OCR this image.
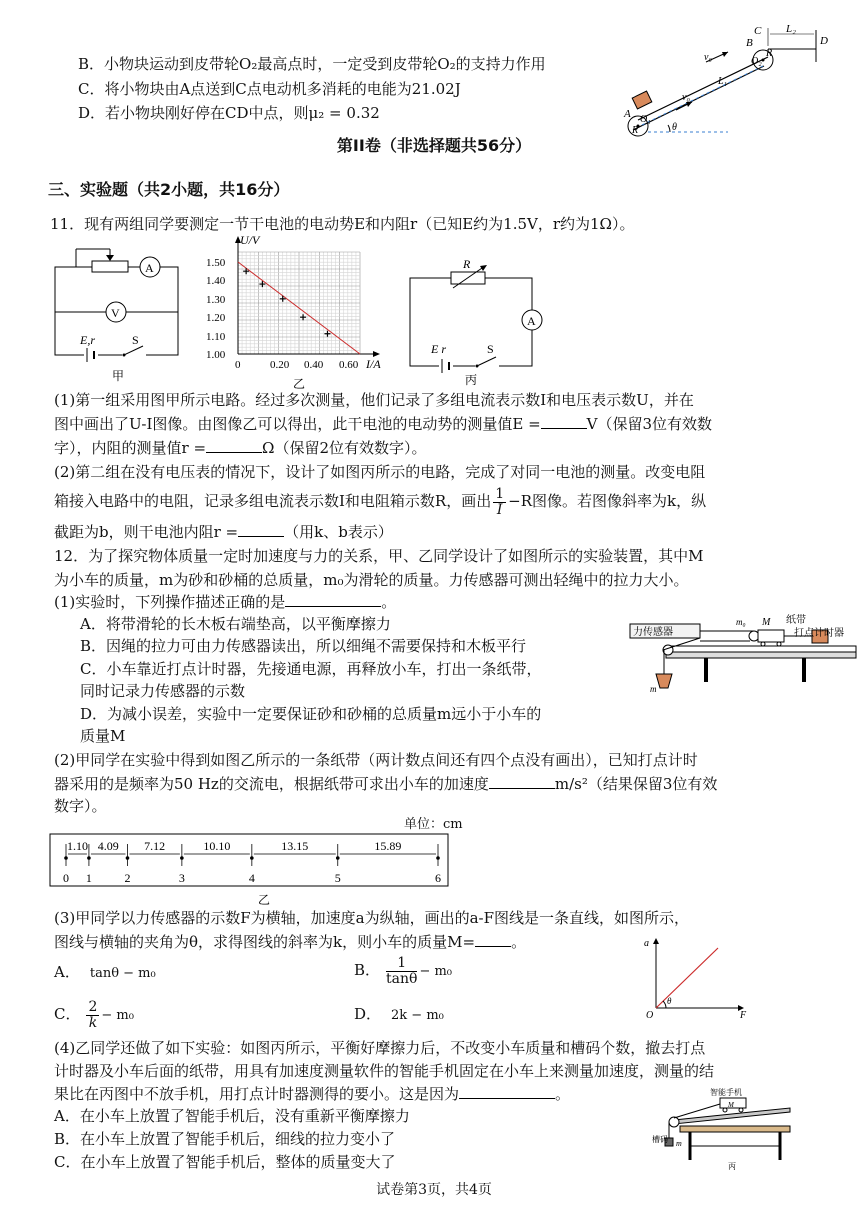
B．小物块运动到皮带轮O₂最高点时，一定受到皮带轮O₂的支持力作用
C．将小物块由A点送到C点电动机多消耗的电能为21.02J
D．若小物块刚好停在CD中点，则μ₂ = 0.32
C
B
L₂
D
v₀	O₂
R
A O₁
R
L₁
v₀
θ
第II卷（非选择题共56分）
三、实验题（共2小题，共16分）
11．现有两组同学要测定一节干电池的电动势E和内阻r（已知E约为1.5V，r约为1Ω）。
A
V
E,r	S
甲
U/V
I/A
1.50
1.40
1.30
1.20
1.10
1.00
0	0.20 0.40 0.60
乙
R
A
E r	S
丙
(1)第一组采用图甲所示电路。经过多次测量，他们记录了多组电流表示数I和电压表示数U，并在
图中画出了U-I图像。由图像乙可以得出，此干电池的电动势的测量值E =	V（保留3位有效数
字），内阻的测量值r =	Ω（保留2位有效数字）。
(2)第二组在没有电压表的情况下，设计了如图丙所示的电路，完成了对同一电池的测量。改变电阻
箱接入电路中的电阻，记录多组电流表示数I和电阻箱示数R，画出 $\frac{1}{I} -R$图像。若图像斜率为k，纵
截距为b，则干电池内阻r =	（用k、b表示）
12．为了探究物体质量一定时加速度与力的关系，甲、乙同学设计了如图所示的实验装置，其中M
为小车的质量，m为砂和砂桶的总质量，m₀为滑轮的质量。力传感器可测出轻绳中的拉力大小。
(1)实验时，下列操作描述正确的是	。
A．将带滑轮的长木板右端垫高，以平衡摩擦力
B．因绳的拉力可由力传感器读出，所以细绳不需要保持和木板平行
C．小车靠近打点计时器，先接通电源，再释放小车，打出一条纸带，
同时记录力传感器的示数
D．为减小误差，实验中一定要保证砂和砂桶的总质量m远小于小车的
质量M
力传感器
m₀ M 纸带
打点计时器
m
(2)甲同学在实验中得到如图乙所示的一条纸带（两计数点间还有四个点没有画出），已知打点计时
器采用的是频率为50 Hz的交流电，根据纸带可求出小车的加速度	m/s²（结果保留3位有效
数字）。
单位：cm
0 1	2	3	4	5	6
1.10 4.09 7.12	10.10	13.15	15.89
乙
(3)甲同学以力传感器的示数F为横轴，加速度a为纵轴，画出的a-F图线是一条直线，如图所示，
图线与横轴的夹角为θ，求得图线的斜率为k，则小车的质量M= 。
A． tanθ − m₀	B． $\frac{1}{\tan\theta} - m_0$
C． $\frac{2}{k} - m_0$	D． 2k − m₀
a
F
O
θ
(4)乙同学还做了如下实验：如图丙所示，平衡好摩擦力后，不改变小车质量和槽码个数，撤去打点
计时器及小车后面的纸带，用具有加速度测量软件的智能手机固定在小车上来测量加速度，测量的结
果比在丙图中不放手机，用打点计时器测得的要小。这是因为	。
A．在小车上放置了智能手机后，没有重新平衡摩擦力
B．在小车上放置了智能手机后，细线的拉力变小了
C．在小车上放置了智能手机后，整体的质量变大了
智能手机
M
槽码 m
丙
试卷第3页，共4页
